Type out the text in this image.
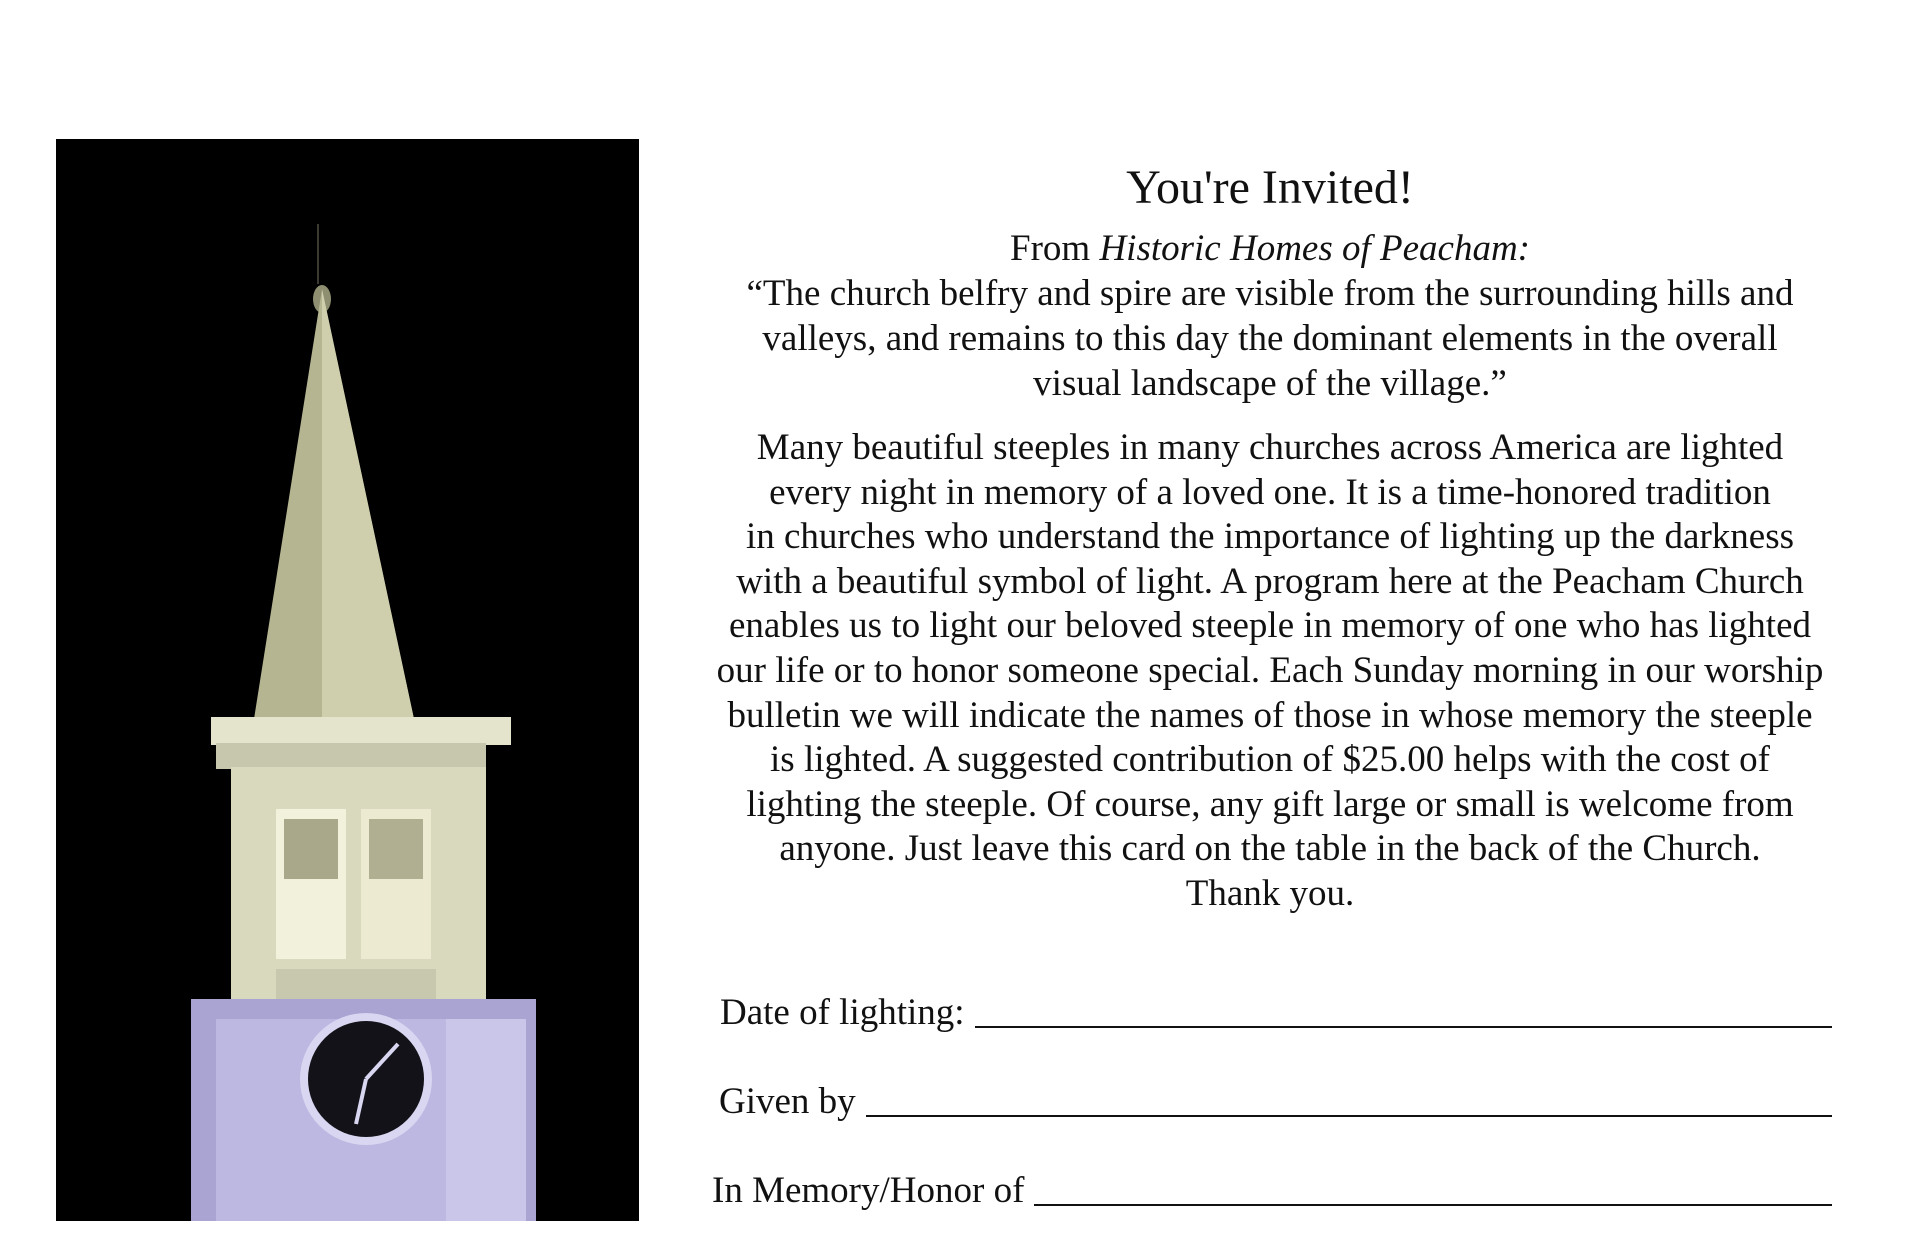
You're Invited!

From Historic Homes of Peacham:

“The church belfry and spire are visible from the surrounding hills and
valleys, and remains to this day the dominant elements in the overall
visual landscape of the village.”

Many beautiful steeples in many churches across America are lighted
every night in memory of a loved one. It is a time-honored tradition
in churches who understand the importance of lighting up the darkness
with a beautiful symbol of light. A program here at the Peacham Church
enables us to light our beloved steeple in memory of one who has lighted
our life or to honor someone special. Each Sunday morning in our worship
bulletin we will indicate the names of those in whose memory the steeple
is lighted. A suggested contribution of $25.00 helps with the cost of
lighting the steeple. Of course, any gift large or small is welcome from
anyone. Just leave this card on the table in the back of the Church.
Thank you.

Date of lighting:
Given by
In Memory/Honor of
